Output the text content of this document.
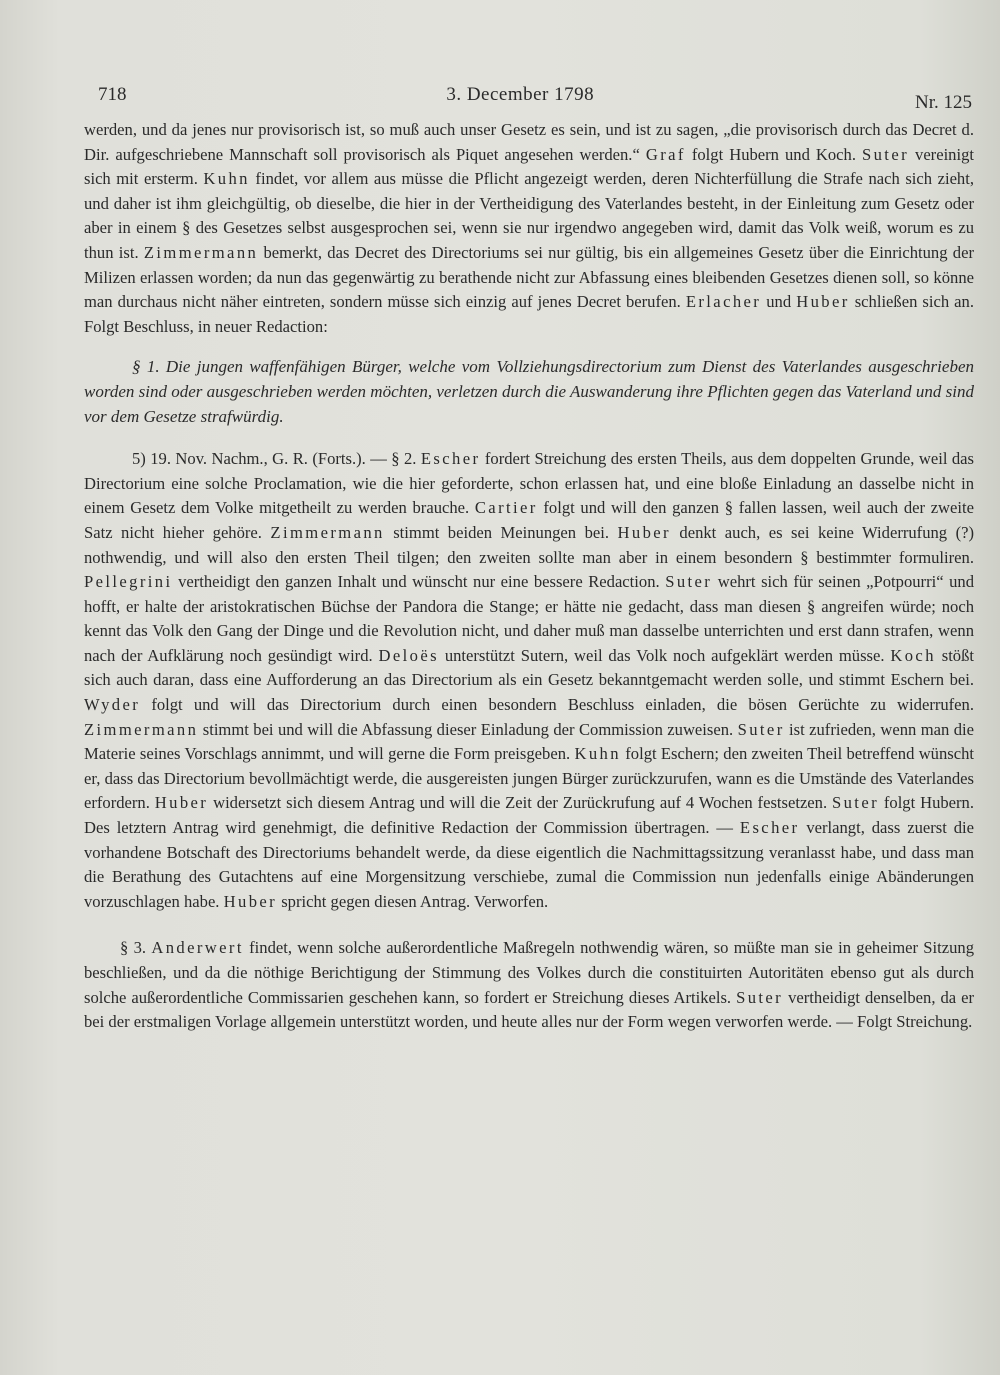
718	3. December 1798	Nr. 125

werden, und da jenes nur provisorisch ist, so muß auch unser Gesetz es sein, und ist zu sagen, „die provisorisch durch das Decret d. Dir. aufgeschriebene Mannschaft soll provisorisch als Piquet angesehen werden.“ Graf folgt Hubern und Koch. Suter vereinigt sich mit ersterm. Kuhn findet, vor allem aus müsse die Pflicht angezeigt werden, deren Nichterfüllung die Strafe nach sich zieht, und daher ist ihm gleichgültig, ob dieselbe, die hier in der Vertheidigung des Vaterlandes besteht, in der Einleitung zum Gesetz oder aber in einem § des Gesetzes selbst ausgesprochen sei, wenn sie nur irgendwo angegeben wird, damit das Volk weiß, worum es zu thun ist. Zimmermann bemerkt, das Decret des Directoriums sei nur gültig, bis ein allgemeines Gesetz über die Einrichtung der Milizen erlassen worden; da nun das gegenwärtig zu berathende nicht zur Abfassung eines bleibenden Gesetzes dienen soll, so könne man durchaus nicht näher eintreten, sondern müsse sich einzig auf jenes Decret berufen. Erlacher und Huber schließen sich an. Folgt Beschluss, in neuer Redaction:

§ 1. Die jungen waffenfähigen Bürger, welche vom Vollziehungsdirectorium zum Dienst des Vaterlandes ausgeschrieben worden sind oder ausgeschrieben werden möchten, verletzen durch die Auswanderung ihre Pflichten gegen das Vaterland und sind vor dem Gesetze strafwürdig.

5) 19. Nov. Nachm., G. R. (Forts.). — § 2. Escher fordert Streichung des ersten Theils, aus dem doppelten Grunde, weil das Directorium eine solche Proclamation, wie die hier geforderte, schon erlassen hat, und eine bloße Einladung an dasselbe nicht in einem Gesetz dem Volke mitgetheilt zu werden brauche. Cartier folgt und will den ganzen § fallen lassen, weil auch der zweite Satz nicht hieher gehöre. Zimmermann stimmt beiden Meinungen bei. Huber denkt auch, es sei keine Widerrufung (?) nothwendig, und will also den ersten Theil tilgen; den zweiten sollte man aber in einem besondern § bestimmter formuliren. Pellegrini vertheidigt den ganzen Inhalt und wünscht nur eine bessere Redaction. Suter wehrt sich für seinen „Potpourri“ und hofft, er halte der aristokratischen Büchse der Pandora die Stange; er hätte nie gedacht, dass man diesen § angreifen würde; noch kennt das Volk den Gang der Dinge und die Revolution nicht, und daher muß man dasselbe unterrichten und erst dann strafen, wenn nach der Aufklärung noch gesündigt wird. Deloës unterstützt Sutern, weil das Volk noch aufgeklärt werden müsse. Koch stößt sich auch daran, dass eine Aufforderung an das Directorium als ein Gesetz bekanntgemacht werden solle, und stimmt Eschern bei. Wyder folgt und will das Directorium durch einen besondern Beschluss einladen, die bösen Gerüchte zu widerrufen. Zimmermann stimmt bei und will die Abfassung dieser Einladung der Commission zuweisen. Suter ist zufrieden, wenn man die Materie seines Vorschlags annimmt, und will gerne die Form preisgeben. Kuhn folgt Eschern; den zweiten Theil betreffend wünscht er, dass das Directorium bevollmächtigt werde, die ausgereisten jungen Bürger zurückzurufen, wann es die Umstände des Vaterlandes erfordern. Huber widersetzt sich diesem Antrag und will die Zeit der Zurückrufung auf 4 Wochen festsetzen. Suter folgt Hubern. Des letztern Antrag wird genehmigt, die definitive Redaction der Commission übertragen. — Escher verlangt, dass zuerst die vorhandene Botschaft des Directoriums behandelt werde, da diese eigentlich die Nachmittagssitzung veranlasst habe, und dass man die Berathung des Gutachtens auf eine Morgensitzung verschiebe, zumal die Commission nun jedenfalls einige Abänderungen vorzuschlagen habe. Huber spricht gegen diesen Antrag. Verworfen.

§ 3. Anderwert findet, wenn solche außerordentliche Maßregeln nothwendig wären, so müßte man sie in geheimer Sitzung beschließen, und da die nöthige Berichtigung der Stimmung des Volkes durch die constituirten Autoritäten ebenso gut als durch solche außerordentliche Commissarien geschehen kann, so fordert er Streichung dieses Artikels. Suter vertheidigt denselben, da er bei der erstmaligen Vorlage allgemein unterstützt worden, und heute alles nur der Form wegen verworfen werde. — Folgt Streichung.
